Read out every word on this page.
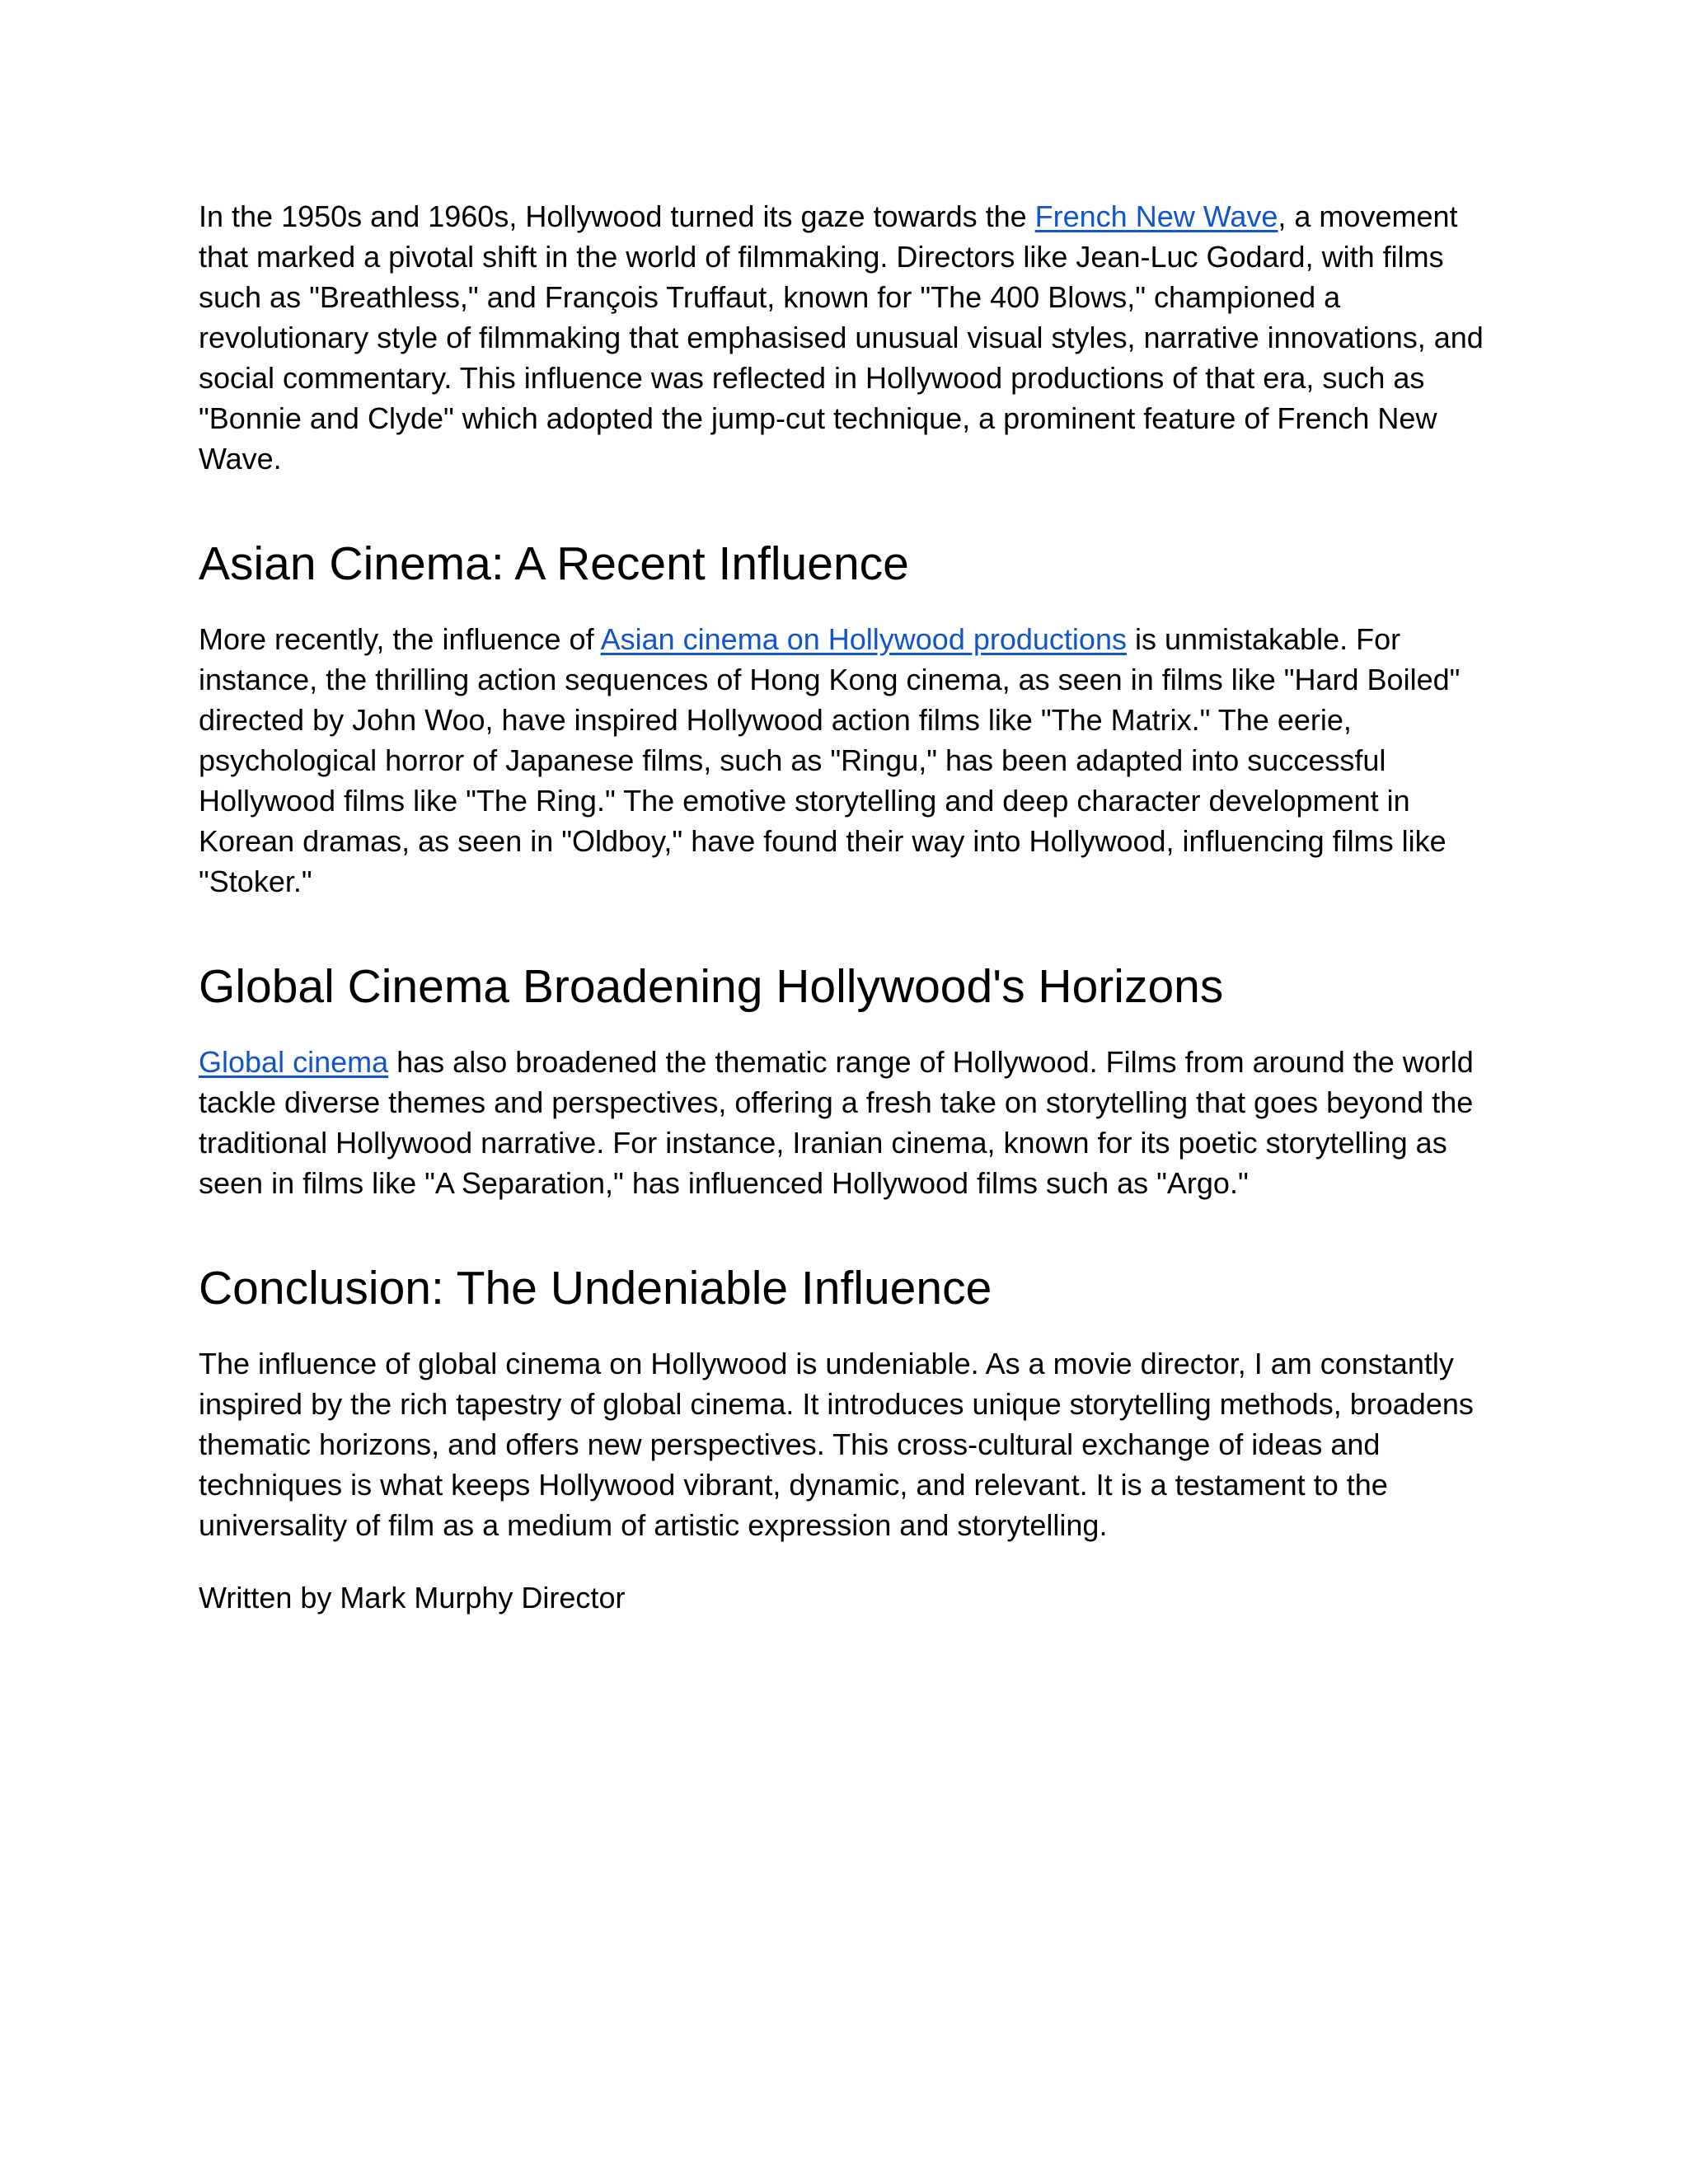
In the 1950s and 1960s, Hollywood turned its gaze towards the French New Wave, a movement that marked a pivotal shift in the world of filmmaking. Directors like Jean-Luc Godard, with films such as "Breathless," and François Truffaut, known for "The 400 Blows," championed a revolutionary style of filmmaking that emphasised unusual visual styles, narrative innovations, and social commentary. This influence was reflected in Hollywood productions of that era, such as "Bonnie and Clyde" which adopted the jump-cut technique, a prominent feature of French New Wave.

Asian Cinema: A Recent Influence

More recently, the influence of Asian cinema on Hollywood productions is unmistakable. For instance, the thrilling action sequences of Hong Kong cinema, as seen in films like "Hard Boiled" directed by John Woo, have inspired Hollywood action films like "The Matrix." The eerie, psychological horror of Japanese films, such as "Ringu," has been adapted into successful Hollywood films like "The Ring." The emotive storytelling and deep character development in Korean dramas, as seen in "Oldboy," have found their way into Hollywood, influencing films like "Stoker."

Global Cinema Broadening Hollywood's Horizons

Global cinema has also broadened the thematic range of Hollywood. Films from around the world tackle diverse themes and perspectives, offering a fresh take on storytelling that goes beyond the traditional Hollywood narrative. For instance, Iranian cinema, known for its poetic storytelling as seen in films like "A Separation," has influenced Hollywood films such as "Argo."

Conclusion: The Undeniable Influence

The influence of global cinema on Hollywood is undeniable. As a movie director, I am constantly inspired by the rich tapestry of global cinema. It introduces unique storytelling methods, broadens thematic horizons, and offers new perspectives. This cross-cultural exchange of ideas and techniques is what keeps Hollywood vibrant, dynamic, and relevant. It is a testament to the universality of film as a medium of artistic expression and storytelling.

Written by Mark Murphy Director
